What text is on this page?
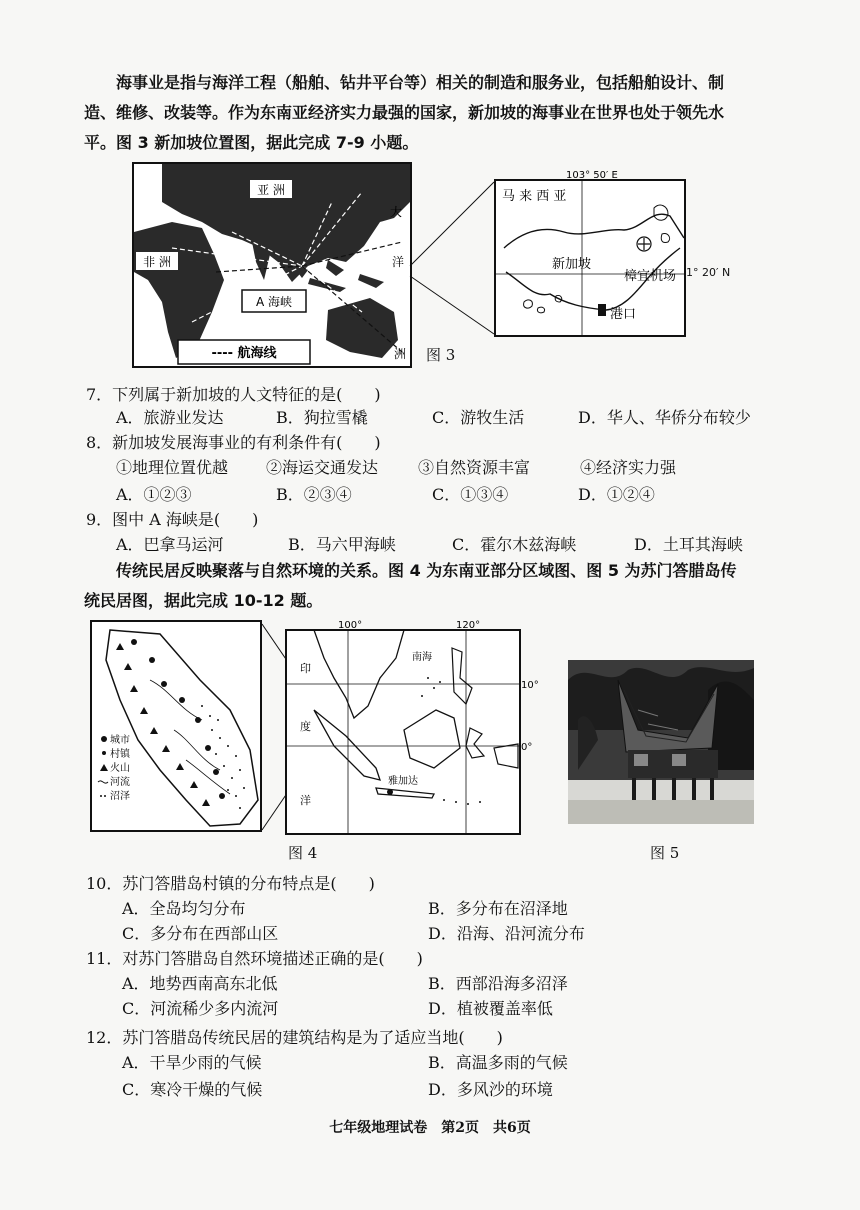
海事业是指与海洋工程（船舶、钻井平台等）相关的制造和服务业，包括船舶设计、制
造、维修、改装等。作为东南亚经济实力最强的国家，新加坡的海事业在世界也处于领先水
平。图 3 新加坡位置图，据此完成 7-9 小题。
亚 洲
非 洲
大
洋
洲
A 海峡
---- 航海线
103° 50′ E
马 来 西 亚
新加坡
樟宜机场
港口
1° 20′ N
图 3
7．下列属于新加坡的人文特征的是(　　)
A．旅游业发达	B．狗拉雪橇	C．游牧生活	D．华人、华侨分布较少
8．新加坡发展海事业的有利条件有(　　)
①地理位置优越 ②海运交通发达 ③自然资源丰富	④经济实力强
A．①②③	B．②③④	C．①③④	D．①②④
9．图中 A 海峡是(　　)
A．巴拿马运河	B．马六甲海峡	C．霍尔木兹海峡	D．土耳其海峡
传统民居反映聚落与自然环境的关系。图 4 为东南亚部分区域图、图 5 为苏门答腊岛传
统民居图，据此完成 10-12 题。
城市
村镇
火山
河流
沼泽
100°	120°
10°
0°
印
度
洋
南海
雅加达
图 4	图 5
10．苏门答腊岛村镇的分布特点是(　　)
A．全岛均匀分布	B．多分布在沼泽地
C．多分布在西部山区	D．沿海、沿河流分布
11．对苏门答腊岛自然环境描述正确的是(　　)
A．地势西南高东北低	B．西部沿海多沼泽
C．河流稀少多内流河	D．植被覆盖率低
12．苏门答腊岛传统民居的建筑结构是为了适应当地(　　)
A．干旱少雨的气候	B．高温多雨的气候
C．寒冷干燥的气候	D．多风沙的环境
七年级地理试卷　第2页　共6页
